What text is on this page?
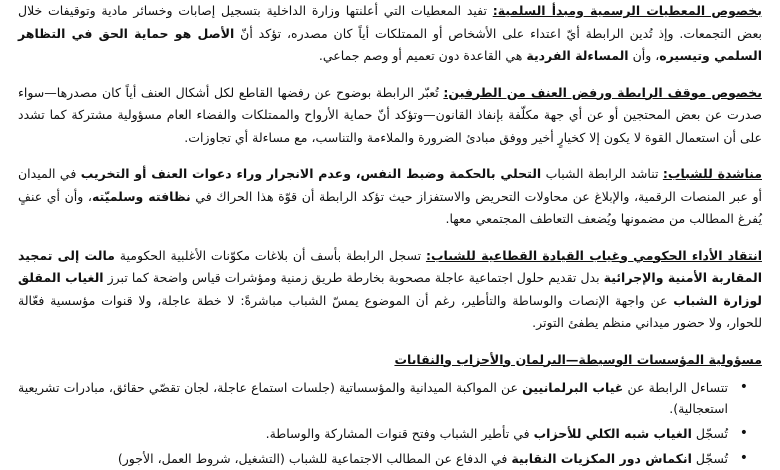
بخصوص المعطيات الرسمية ومبدأ السلمية: تفيد المعطيات التي أعلنتها وزارة الداخلية بتسجيل إصابات وخسائر مادية وتوقيفات خلال بعض التجمعات. وإذ تُدين الرابطة أيّ اعتداء على الأشخاص أو الممتلكات أياً كان مصدره، تؤكد أنّ الأصل هو حماية الحق في التظاهر السلمي وتيسيره، وأن المساءلة الفردية هي القاعدة دون تعميم أو وصم جماعي.

بخصوص موقف الرابطة ورفض العنف من الطرفين: تُعبّر الرابطة بوضوح عن رفضها القاطع لكل أشكال العنف أياً كان مصدرها—سواء صدرت عن بعض المحتجين أو عن أي جهة مكلّفة بإنفاذ القانون—وتؤكد أنّ حماية الأرواح والممتلكات والفضاء العام مسؤولية مشتركة كما تشدد على أن استعمال القوة لا يكون إلا كخيارٍ أخير ووفق مبادئ الضرورة والملاءمة والتناسب، مع مساءلة أي تجاوزات.

مناشدة للشباب: تناشد الرابطة الشباب التحلي بالحكمة وضبط النفس، وعدم الانجرار وراء دعوات العنف أو التخريب في الميدان أو عبر المنصات الرقمية، والإبلاغ عن محاولات التحريض والاستفزاز حيث تؤكد الرابطة أن قوّة هذا الحراك في نظافته وسلميّته، وأن أي عنفٍ يُفرغ المطالب من مضمونها ويُضعف التعاطف المجتمعي معها.

انتقاد الأداء الحكومي وغياب القيادة القطاعية للشباب: تسجل الرابطة بأسف أن بلاغات مكوّنات الأغلبية الحكومية مالت إلى تمجيد المقاربة الأمنية والإجرائية بدل تقديم حلول اجتماعية عاجلة مصحوبة بخارطة طريق زمنية ومؤشرات قياس واضحة كما تبرز الغياب المقلق لوزارة الشباب عن واجهة الإنصات والوساطة والتأطير، رغم أن الموضوع يمسّ الشباب مباشرةً: لا خطة عاجلة، ولا قنوات مؤسسية فعّالة للحوار، ولا حضور ميداني منظم يطفئ التوتر.

مسؤولية المؤسسات الوسيطة—البرلمان والأحزاب والنقابات
•
تتساءل الرابطة عن غياب البرلمانيين عن المواكبة الميدانية والمؤسساتية (جلسات استماع عاجلة، لجان تقصّي حقائق، مبادرات تشريعية استعجالية).
•
تُسجّل الغياب شبه الكلي للأحزاب في تأطير الشباب وفتح قنوات المشاركة والوساطة.
•
تُسجّل انكماش دور المكزيات النقابية في الدفاع عن المطالب الاجتماعية للشباب (التشغيل، شروط العمل، الأجور)
